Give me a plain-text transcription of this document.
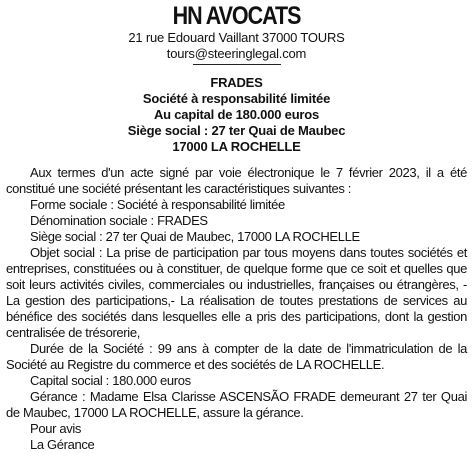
HN AVOCATS
21 rue Edouard Vaillant 37000 TOURS
tours@steeringlegal.com
FRADES
Société à responsabilité limitée
Au capital de 180.000 euros
Siège social : 27 ter Quai de Maubec
17000 LA ROCHELLE

Aux termes d'un acte signé par voie électronique le 7 février 2023, il a été constitué une société présentant les caractéristiques suivantes :

Forme sociale : Société à responsabilité limitée

Dénomination sociale : FRADES

Siège social : 27 ter Quai de Maubec, 17000 LA ROCHELLE

Objet social : La prise de participation par tous moyens dans toutes sociétés et entreprises, constituées ou à constituer, de quelque forme que ce soit et quelles que soit leurs activités civiles, commerciales ou industrielles, françaises ou étrangères, - La gestion des participations,- La réalisation de toutes prestations de services au bénéfice des sociétés dans lesquelles elle a pris des participations, dont la gestion centralisée de trésorerie,

Durée de la Société : 99 ans à compter de la date de l'immatriculation de la Société au Registre du commerce et des sociétés de LA ROCHELLE.

Capital social : 180.000 euros

Gérance : Madame Elsa Clarisse ASCENSÃO FRADE demeurant 27 ter Quai de Maubec, 17000 LA ROCHELLE, assure la gérance.

Pour avis

La Gérance
